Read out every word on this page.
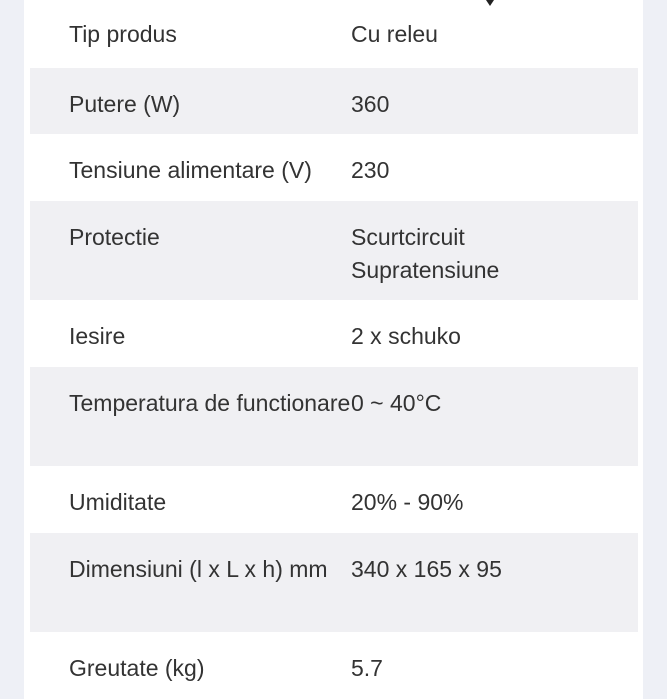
Tip produs	Cu releu
Putere (W)	360
Tensiune alimentare (V)	230
Protectie	Scurtcircuit
Supratensiune
Iesire	2 x schuko
Temperatura de functionare 0 ~ 40°C
Umiditate	20% - 90%
Dimensiuni (l x L x h) mm	340 x 165 x 95
Greutate (kg)	5.7
